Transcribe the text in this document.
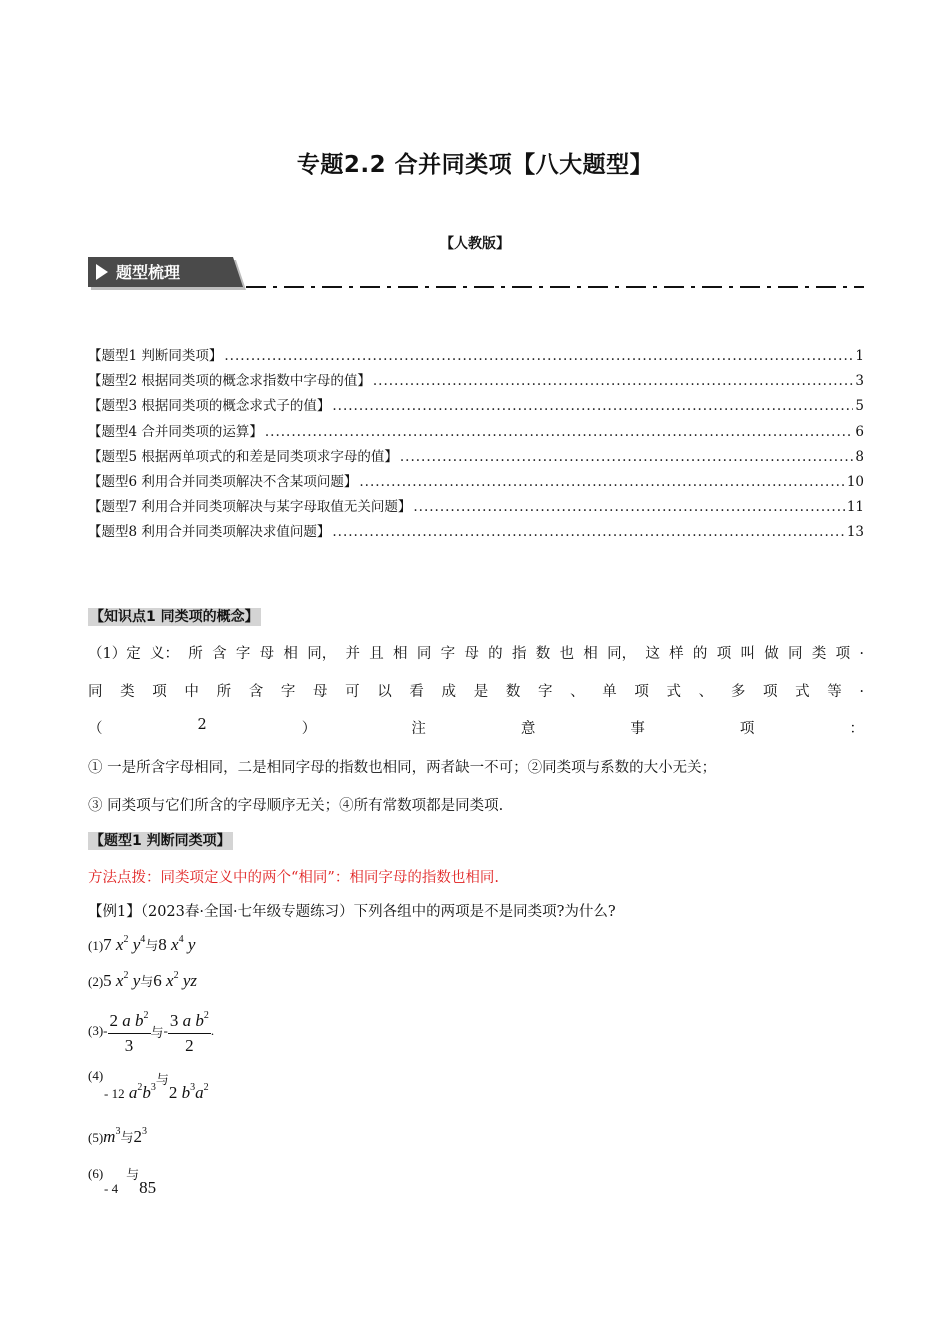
专题2.2 合并同类项【八大题型】
【人教版】
题型梳理
【题型1 判断同类项】 .....	1
【题型2 根据同类项的概念求指数中字母的值】 .....	3
【题型3 根据同类项的概念求式子的值】 .....	5
【题型4 合并同类项的运算】 .....	6
【题型5 根据两单项式的和差是同类项求字母的值】 .....	8
【题型6 利用合并同类项解决不含某项问题】 .....	10
【题型7 利用合并同类项解决与某字母取值无关问题】 .....	11
【题型8 利用合并同类项解决求值问题】 .....	13
【知识点1 同类项的概念】
（1）定 义： 所 含 字 母 相 同， 并 且 相 同 字 母 的 指 数 也 相 同， 这 样 的 项 叫 做 同 类 项 .
同 类 项 中 所 含 字 母 可 以 看 成 是 数 字 、 单 项 式 、 多 项 式 等 .
（	2	）	注	意	事	项	：
① 一是所含字母相同，二是相同字母的指数也相同，两者缺一不可；②同类项与系数的大小无关；
③ 同类项与它们所含的字母顺序无关；④所有常数项都是同类项.
【题型1 判断同类项】
方法点拨：同类项定义中的两个“相同”：相同字母的指数也相同.
【例1】（2023春·全国·七年级专题练习）下列各组中的两项是不是同类项?为什么?
(1)7 $x^2$ $y^4$与8 $x^4$ y
(2)5 $x^2$ y与6 $x^2$ yz
$(3) - \frac{2 a b^2}{3}$ 与 - $\frac{3 a b^2}{2}$ .
(4)
- 12 $a^2b^{3与}2$ $b^3a^2$
$(5)m^3$与$2^3$
(6)
- $4^与85$
